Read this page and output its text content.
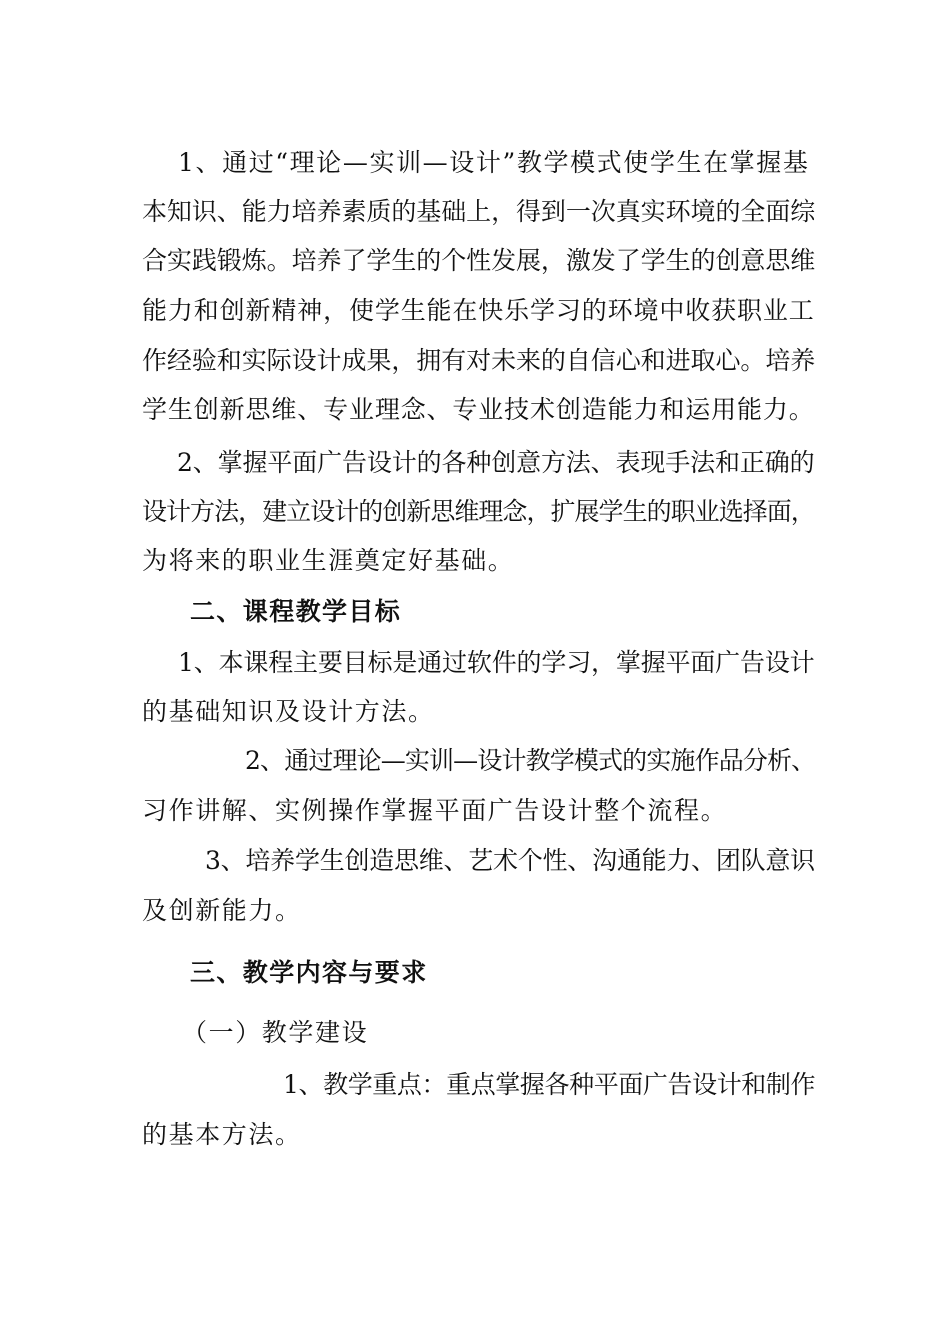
1、通过“理论—实训—设计”教学模式使学生在掌握基
本知识、能力培养素质的基础上，得到一次真实环境的全面综
合实践锻炼。培养了学生的个性发展，激发了学生的创意思维
能力和创新精神，使学生能在快乐学习的环境中收获职业工
作经验和实际设计成果，拥有对未来的自信心和进取心。培养
学生创新思维、专业理念、专业技术创造能力和运用能力。
2、掌握平面广告设计的各种创意方法、表现手法和正确的
设计方法，建立设计的创新思维理念，扩展学生的职业选择面，
为将来的职业生涯奠定好基础。
二、课程教学目标
1、本课程主要目标是通过软件的学习，掌握平面广告设计
的基础知识及设计方法。
2、通过理论—实训—设计教学模式的实施作品分析、
习作讲解、实例操作掌握平面广告设计整个流程。
3、培养学生创造思维、艺术个性、沟通能力、团队意识
及创新能力。
三、教学内容与要求
（一）教学建设
1、教学重点：重点掌握各种平面广告设计和制作
的基本方法。
